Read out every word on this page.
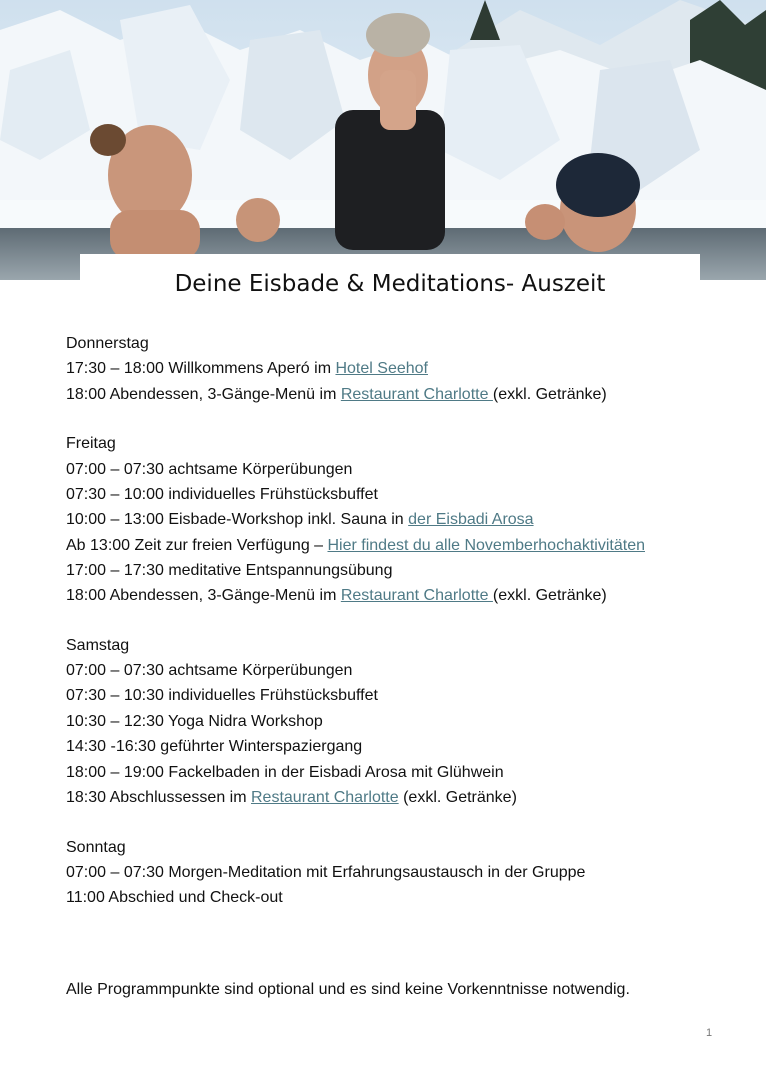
Deine Eisbade & Meditations- Auszeit
Donnerstag
17:30 – 18:00 Willkommens Aperó im Hotel Seehof
18:00 Abendessen, 3-Gänge-Menü im Restaurant Charlotte (exkl. Getränke)
Freitag
07:00 – 07:30 achtsame Körperübungen
07:30 – 10:00 individuelles Frühstücksbuffet
10:00 – 13:00 Eisbade-Workshop inkl. Sauna in der Eisbadi Arosa
Ab 13:00 Zeit zur freien Verfügung – Hier findest du alle Novemberhochaktivitäten
17:00 – 17:30 meditative Entspannungsübung
18:00 Abendessen, 3-Gänge-Menü im Restaurant Charlotte (exkl. Getränke)
Samstag
07:00 – 07:30 achtsame Körperübungen
07:30 – 10:30 individuelles Frühstücksbuffet
10:30 – 12:30 Yoga Nidra Workshop
14:30 -16:30 geführter Winterspaziergang
18:00 – 19:00 Fackelbaden in der Eisbadi Arosa mit Glühwein
18:30 Abschlussessen im Restaurant Charlotte (exkl. Getränke)
Sonntag
07:00 – 07:30 Morgen-Meditation mit Erfahrungsaustausch in der Gruppe
11:00 Abschied und Check-out
Alle Programmpunkte sind optional und es sind keine Vorkenntnisse notwendig.
1
